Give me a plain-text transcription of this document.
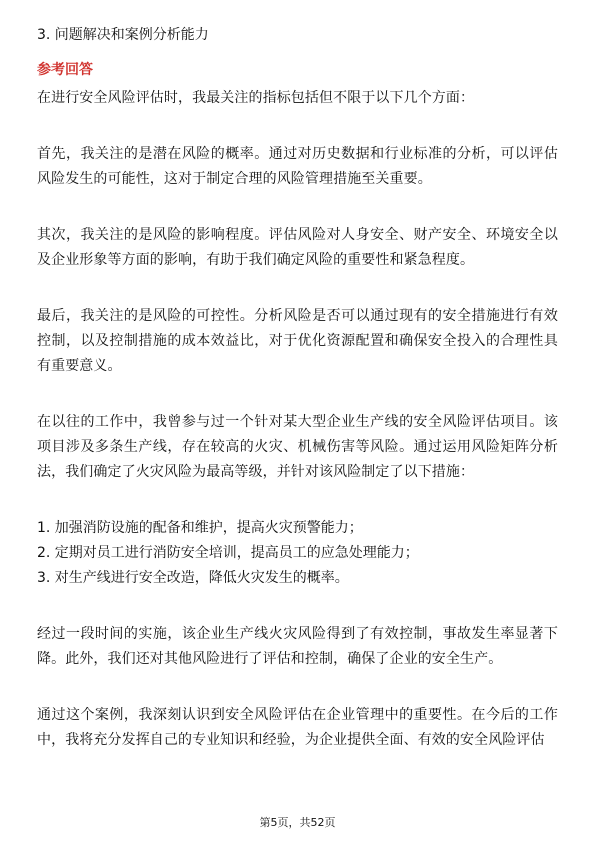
3. 问题解决和案例分析能力
参考回答

在进行安全风险评估时，我最关注的指标包括但不限于以下几个方面：

首先，我关注的是潜在风险的概率。通过对历史数据和行业标准的分析，可以评估风险发生的可能性，这对于制定合理的风险管理措施至关重要。

其次，我关注的是风险的影响程度。评估风险对人身安全、财产安全、环境安全以及企业形象等方面的影响，有助于我们确定风险的重要性和紧急程度。

最后，我关注的是风险的可控性。分析风险是否可以通过现有的安全措施进行有效控制，以及控制措施的成本效益比，对于优化资源配置和确保安全投入的合理性具有重要意义。

在以往的工作中，我曾参与过一个针对某大型企业生产线的安全风险评估项目。该项目涉及多条生产线，存在较高的火灾、机械伤害等风险。通过运用风险矩阵分析法，我们确定了火灾风险为最高等级，并针对该风险制定了以下措施：

1. 加强消防设施的配备和维护，提高火灾预警能力；
2. 定期对员工进行消防安全培训，提高员工的应急处理能力；
3. 对生产线进行安全改造，降低火灾发生的概率。

经过一段时间的实施，该企业生产线火灾风险得到了有效控制，事故发生率显著下降。此外，我们还对其他风险进行了评估和控制，确保了企业的安全生产。

通过这个案例，我深刻认识到安全风险评估在企业管理中的重要性。在今后的工作中，我将充分发挥自己的专业知识和经验，为企业提供全面、有效的安全风险评估

第5页，共52页
